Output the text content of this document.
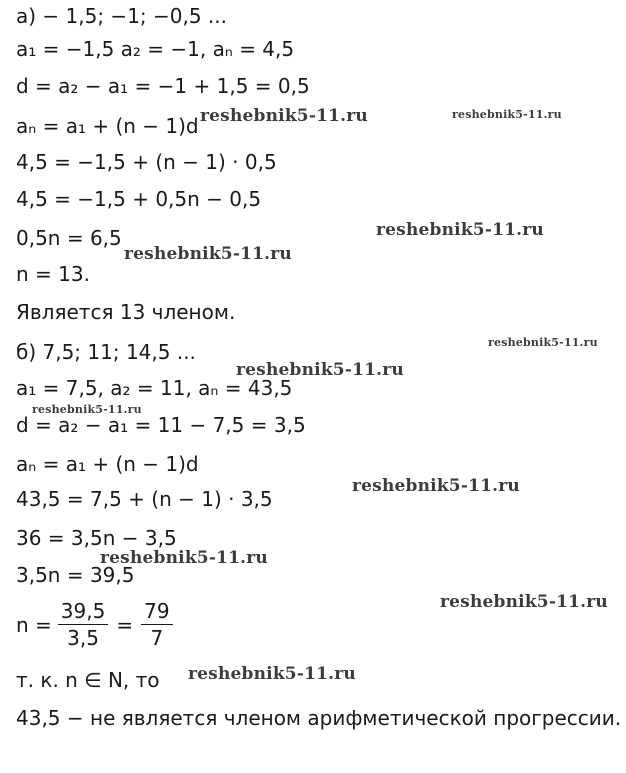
а) − 1,5; −1; −0,5 ...
a₁ = −1,5 a₂ = −1, aₙ = 4,5
d = a₂ − a₁ = −1 + 1,5 = 0,5
aₙ = a₁ + (n − 1)d
4,5 = −1,5 + (n − 1) · 0,5
4,5 = −1,5 + 0,5n − 0,5
0,5n = 6,5
n = 13.
Является 13 членом.
б) 7,5; 11; 14,5 ...
a₁ = 7,5, a₂ = 11, aₙ = 43,5
d = a₂ − a₁ = 11 − 7,5 = 3,5
aₙ = a₁ + (n − 1)d
43,5 = 7,5 + (n − 1) · 3,5
36 = 3,5n − 3,5
3,5n = 39,5
$n = \frac{39,5}{3,5} = \frac{79}{7}$
т. к. n ∈ N, то
43,5 − не является членом арифметической прогрессии.
reshebnik5-11.ru	reshebnik5-11.ru
reshebnik5-11.ru
reshebnik5-11.ru
reshebnik5-11.ru
reshebnik5-11.ru
reshebnik5-11.ru
reshebnik5-11.ru
reshebnik5-11.ru
reshebnik5-11.ru
reshebnik5-11.ru
